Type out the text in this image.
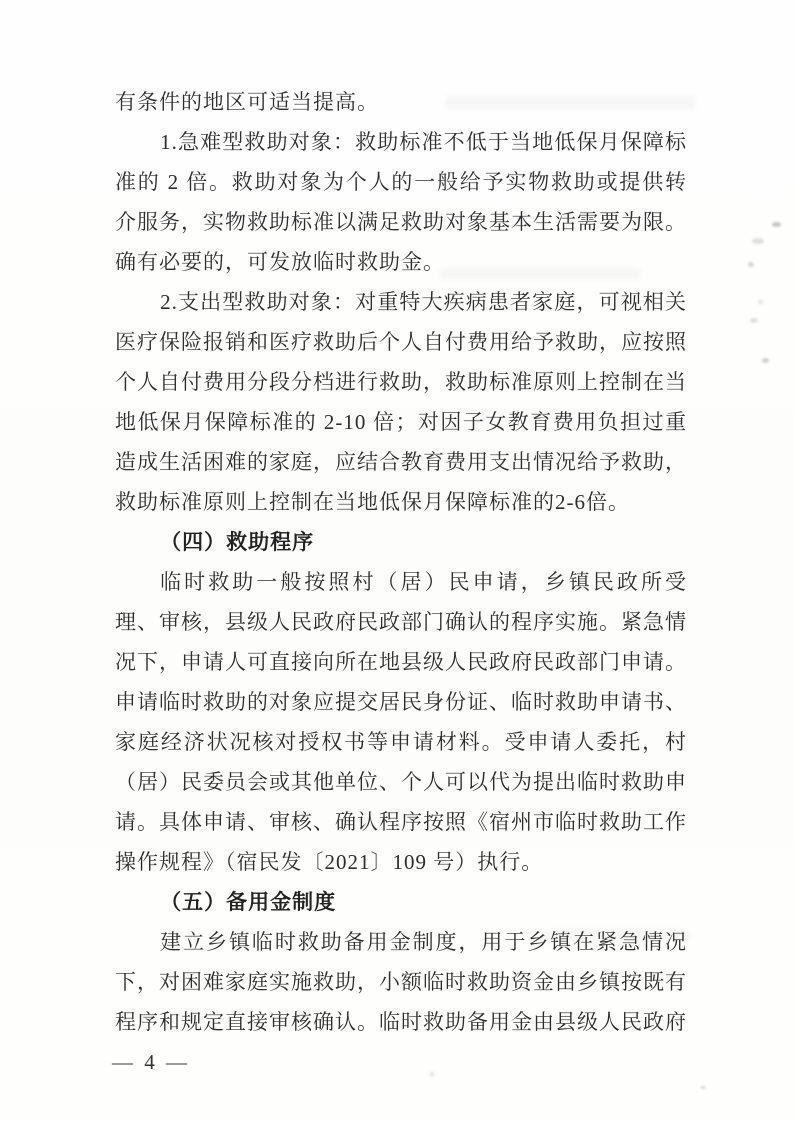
有条件的地区可适当提高。

1.急难型救助对象：救助标准不低于当地低保月保障标准的 2 倍。救助对象为个人的一般给予实物救助或提供转介服务，实物救助标准以满足救助对象基本生活需要为限。确有必要的，可发放临时救助金。

2.支出型救助对象：对重特大疾病患者家庭，可视相关医疗保险报销和医疗救助后个人自付费用给予救助，应按照个人自付费用分段分档进行救助，救助标准原则上控制在当地低保月保障标准的 2-10 倍；对因子女教育费用负担过重造成生活困难的家庭，应结合教育费用支出情况给予救助，救助标准原则上控制在当地低保月保障标准的2-6倍。

（四）救助程序

临时救助一般按照村（居）民申请，乡镇民政所受理、审核，县级人民政府民政部门确认的程序实施。紧急情况下，申请人可直接向所在地县级人民政府民政部门申请。申请临时救助的对象应提交居民身份证、临时救助申请书、家庭经济状况核对授权书等申请材料。受申请人委托，村（居）民委员会或其他单位、个人可以代为提出临时救助申请。具体申请、审核、确认程序按照《宿州市临时救助工作操作规程》（宿民发〔2021〕109 号）执行。

（五）备用金制度

建立乡镇临时救助备用金制度，用于乡镇在紧急情况下，对困难家庭实施救助，小额临时救助资金由乡镇按既有程序和规定直接审核确认。临时救助备用金由县级人民政府

— 4 —
